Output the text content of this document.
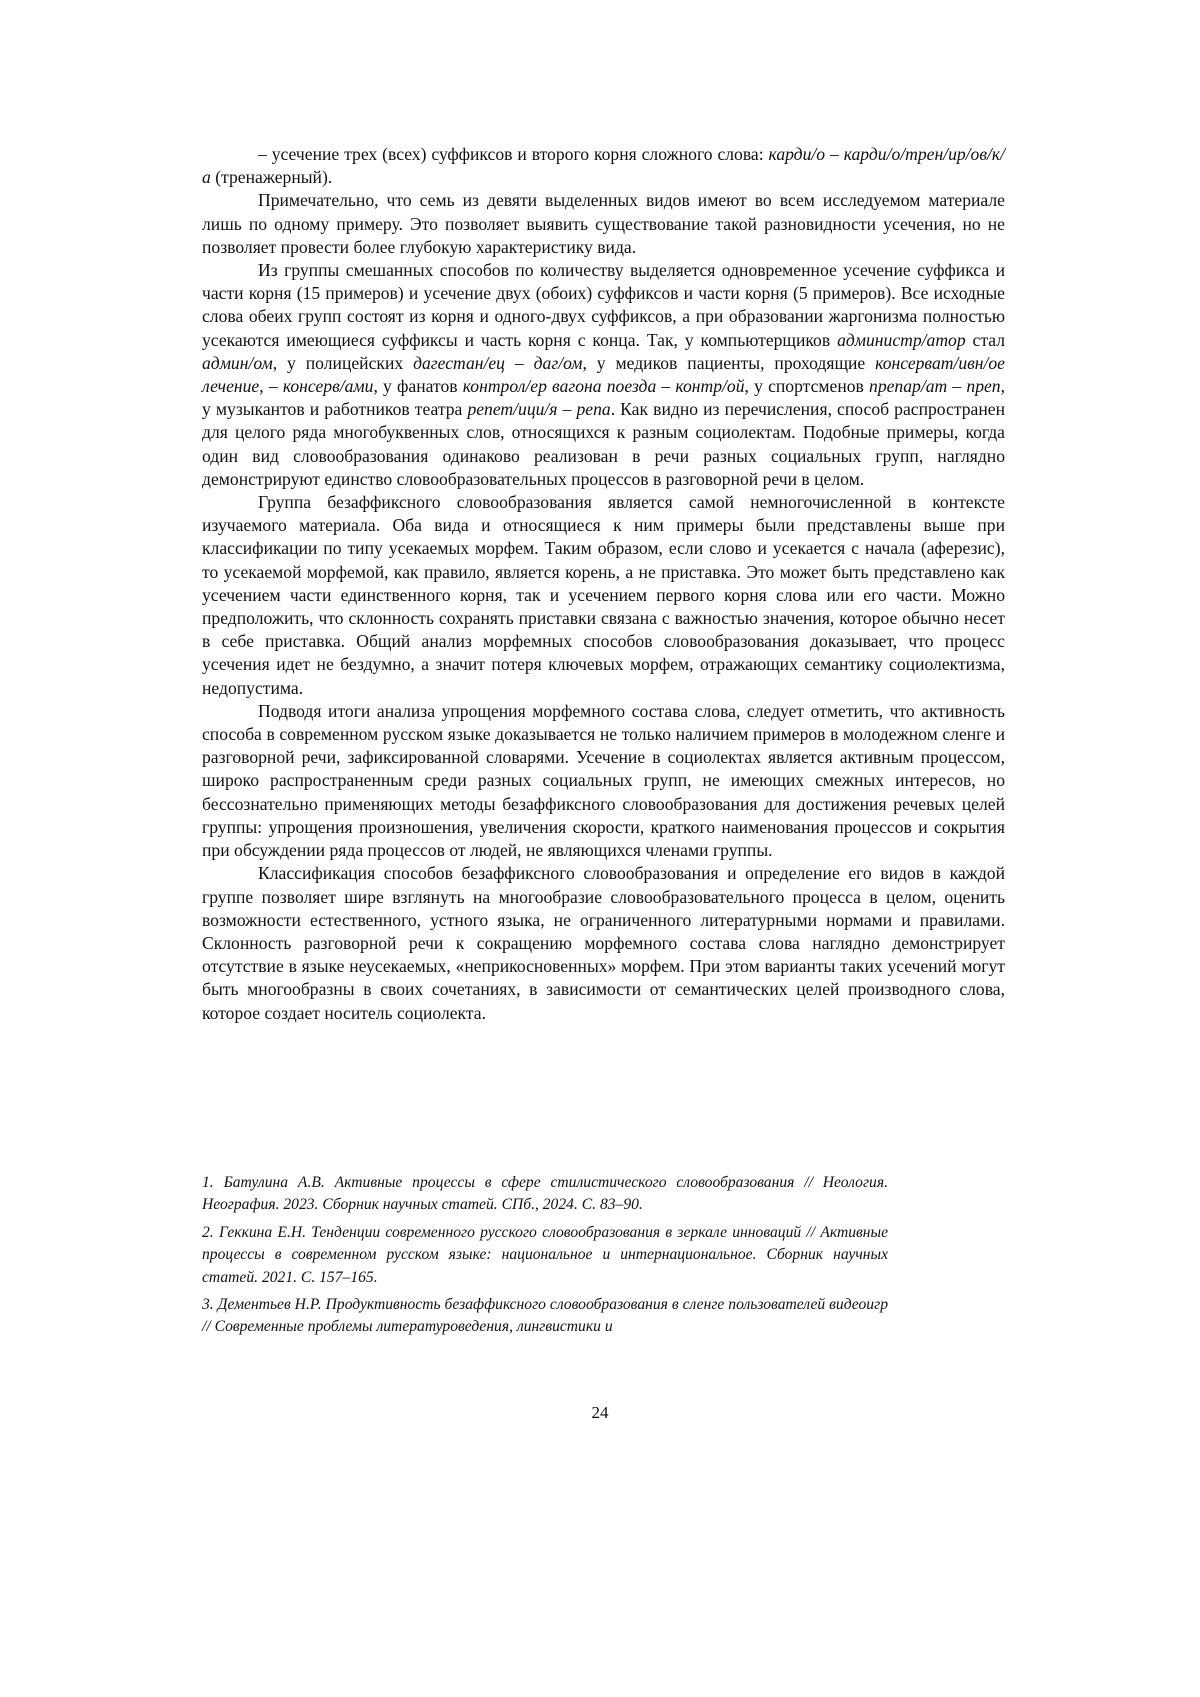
– усечение трех (всех) суффиксов и второго корня сложного слова: карди/о – карди/о/трен/ир/ов/к/а (тренажерный).

Примечательно, что семь из девяти выделенных видов имеют во всем исследуемом материале лишь по одному примеру. Это позволяет выявить существование такой разновидности усечения, но не позволяет провести более глубокую характеристику вида.

Из группы смешанных способов по количеству выделяется одновременное усечение суффикса и части корня (15 примеров) и усечение двух (обоих) суффиксов и части корня (5 примеров). Все исходные слова обеих групп состоят из корня и одного-двух суффиксов, а при образовании жаргонизма полностью усекаются имеющиеся суффиксы и часть корня с конца. Так, у компьютерщиков администр/атор стал админ/ом, у полицейских дагестан/ец – даг/ом, у медиков пациенты, проходящие консерват/ивн/ое лечение, – консерв/ами, у фанатов контрол/ер вагона поезда – контр/ой, у спортсменов препар/ат – преп, у музыкантов и работников театра репет/ици/я – репа. Как видно из перечисления, способ распространен для целого ряда многобуквенных слов, относящихся к разным социолектам. Подобные примеры, когда один вид словообразования одинаково реализован в речи разных социальных групп, наглядно демонстрируют единство словообразовательных процессов в разговорной речи в целом.

Группа безаффиксного словообразования является самой немногочисленной в контексте изучаемого материала. Оба вида и относящиеся к ним примеры были представлены выше при классификации по типу усекаемых морфем. Таким образом, если слово и усекается с начала (аферезис), то усекаемой морфемой, как правило, является корень, а не приставка. Это может быть представлено как усечением части единственного корня, так и усечением первого корня слова или его части. Можно предположить, что склонность сохранять приставки связана с важностью значения, которое обычно несет в себе приставка. Общий анализ морфемных способов словообразования доказывает, что процесс усечения идет не бездумно, а значит потеря ключевых морфем, отражающих семантику социолектизма, недопустима.

Подводя итоги анализа упрощения морфемного состава слова, следует отметить, что активность способа в современном русском языке доказывается не только наличием примеров в молодежном сленге и разговорной речи, зафиксированной словарями. Усечение в социолектах является активным процессом, широко распространенным среди разных социальных групп, не имеющих смежных интересов, но бессознательно применяющих методы безаффиксного словообразования для достижения речевых целей группы: упрощения произношения, увеличения скорости, краткого наименования процессов и сокрытия при обсуждении ряда процессов от людей, не являющихся членами группы.

Классификация способов безаффиксного словообразования и определение его видов в каждой группе позволяет шире взглянуть на многообразие словообразовательного процесса в целом, оценить возможности естественного, устного языка, не ограниченного литературными нормами и правилами. Склонность разговорной речи к сокращению морфемного состава слова наглядно демонстрирует отсутствие в языке неусекаемых, «неприкосновенных» морфем. При этом варианты таких усечений могут быть многообразны в своих сочетаниях, в зависимости от семантических целей производного слова, которое создает носитель социолекта.

1. Батулина А.В. Активные процессы в сфере стилистического словообразования // Неология. Неография. 2023. Сборник научных статей. СПб., 2024. С. 83–90.

2. Геккина Е.Н. Тенденции современного русского словообразования в зеркале инноваций // Активные процессы в современном русском языке: национальное и интернациональное. Сборник научных статей. 2021. С. 157–165.

3. Дементьев Н.Р. Продуктивность безаффиксного словообразования в сленге пользователей видеоигр // Современные проблемы литературоведения, лингвистики и

24
